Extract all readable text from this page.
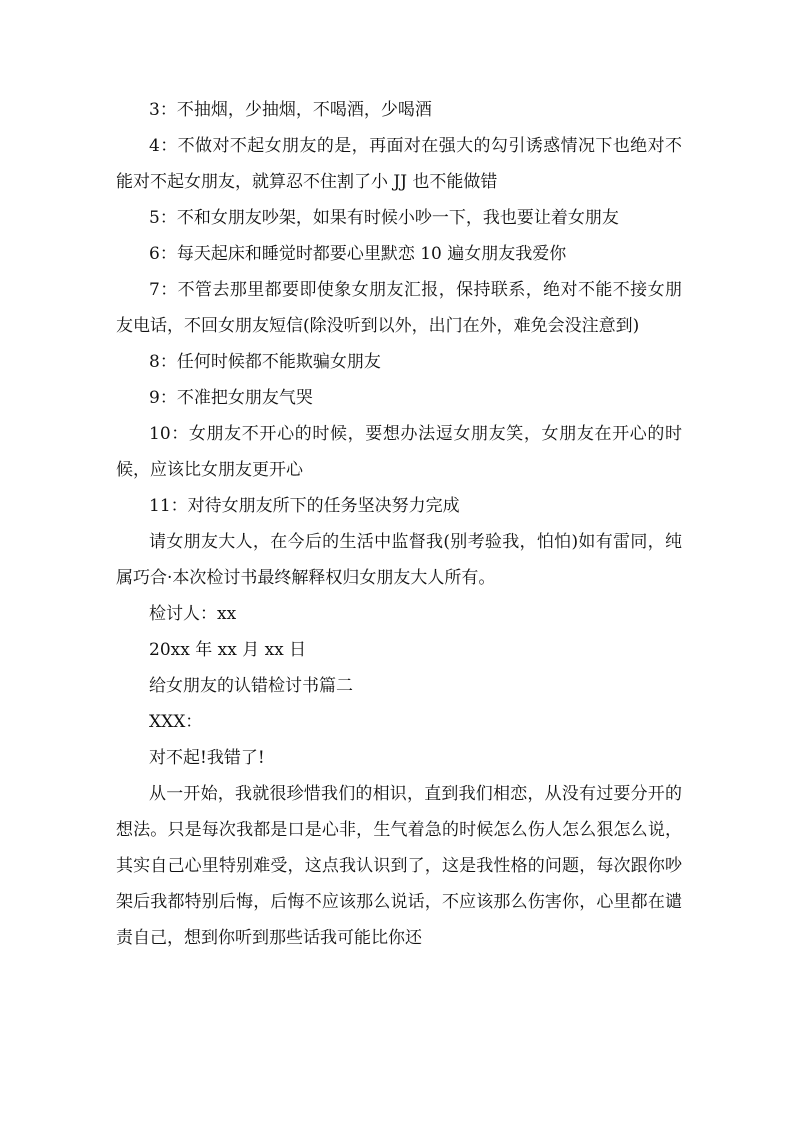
3：不抽烟，少抽烟，不喝酒，少喝酒

4：不做对不起女朋友的是，再面对在强大的勾引诱惑情况下也绝对不能对不起女朋友，就算忍不住割了小 JJ 也不能做错

5：不和女朋友吵架，如果有时候小吵一下，我也要让着女朋友

6：每天起床和睡觉时都要心里默恋 10 遍女朋友我爱你

7：不管去那里都要即使象女朋友汇报，保持联系，绝对不能不接女朋友电话，不回女朋友短信(除没听到以外，出门在外，难免会没注意到)

8：任何时候都不能欺骗女朋友

9：不准把女朋友气哭

10：女朋友不开心的时候，要想办法逗女朋友笑，女朋友在开心的时候，应该比女朋友更开心

11：对待女朋友所下的任务坚决努力完成

请女朋友大人，在今后的生活中监督我(别考验我，怕怕)如有雷同，纯属巧合·本次检讨书最终解释权归女朋友大人所有。

检讨人：xx

20xx 年 xx 月 xx 日

给女朋友的认错检讨书篇二

XXX：

对不起!我错了!

从一开始，我就很珍惜我们的相识，直到我们相恋，从没有过要分开的想法。只是每次我都是口是心非，生气着急的时候怎么伤人怎么狠怎么说，其实自己心里特别难受，这点我认识到了，这是我性格的问题，每次跟你吵架后我都特别后悔，后悔不应该那么说话，不应该那么伤害你，心里都在谴责自己，想到你听到那些话我可能比你还
